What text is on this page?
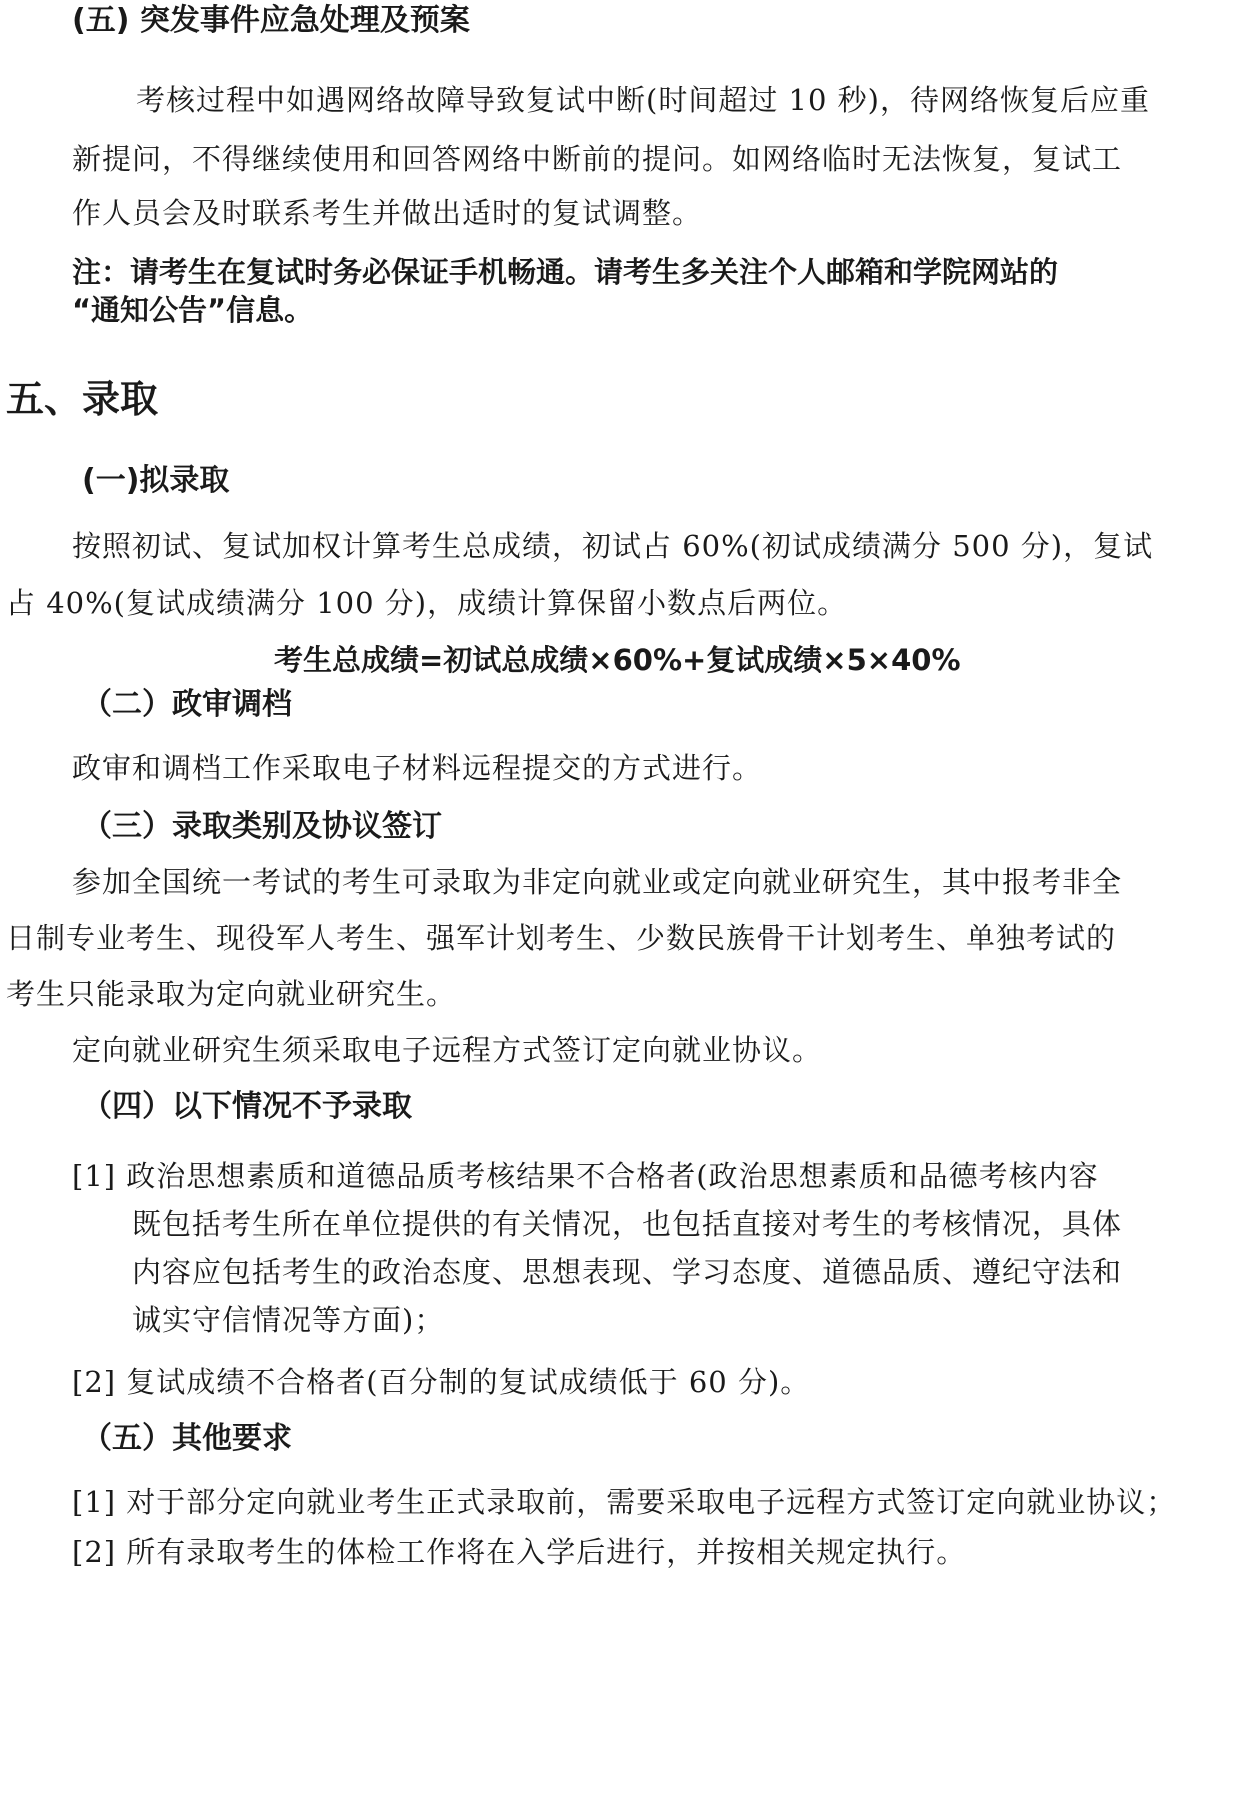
(五) 突发事件应急处理及预案
考核过程中如遇网络故障导致复试中断(时间超过 10 秒)，待网络恢复后应重
新提问，不得继续使用和回答网络中断前的提问。如网络临时无法恢复，复试工
作人员会及时联系考生并做出适时的复试调整。
注：请考生在复试时务必保证手机畅通。请考生多关注个人邮箱和学院网站的
“通知公告”信息。
五、录取
(一)拟录取
按照初试、复试加权计算考生总成绩，初试占 60%(初试成绩满分 500 分)，复试
占 40%(复试成绩满分 100 分)，成绩计算保留小数点后两位。
考生总成绩=初试总成绩×60%+复试成绩×5×40%
（二）政审调档
政审和调档工作采取电子材料远程提交的方式进行。
（三）录取类别及协议签订
参加全国统一考试的考生可录取为非定向就业或定向就业研究生，其中报考非全
日制专业考生、现役军人考生、强军计划考生、少数民族骨干计划考生、单独考试的
考生只能录取为定向就业研究生。
定向就业研究生须采取电子远程方式签订定向就业协议。
（四）以下情况不予录取
[1] 政治思想素质和道德品质考核结果不合格者(政治思想素质和品德考核内容
既包括考生所在单位提供的有关情况，也包括直接对考生的考核情况，具体
内容应包括考生的政治态度、思想表现、学习态度、道德品质、遵纪守法和
诚实守信情况等方面)；
[2] 复试成绩不合格者(百分制的复试成绩低于 60 分)。
（五）其他要求
[1] 对于部分定向就业考生正式录取前，需要采取电子远程方式签订定向就业协议；
[2] 所有录取考生的体检工作将在入学后进行，并按相关规定执行。
